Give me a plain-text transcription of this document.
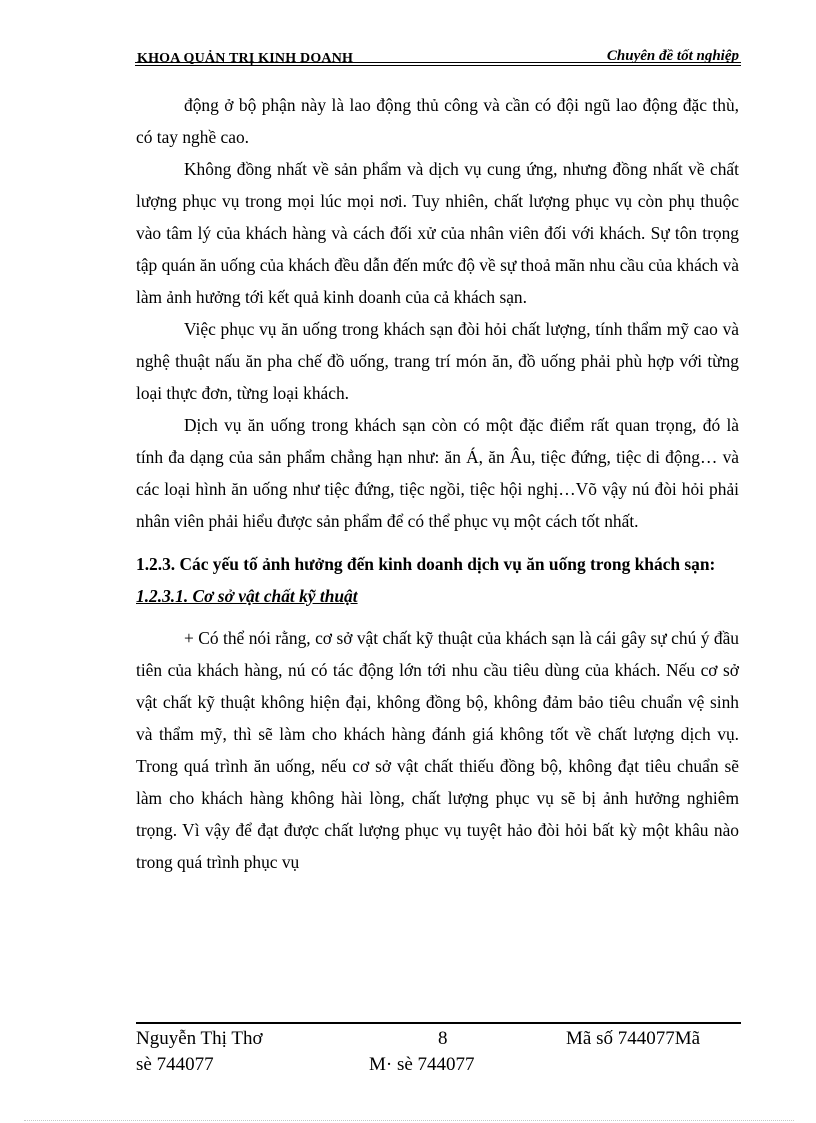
KHOA QUẢN TRỊ KINH DOANH	Chuyên đề tốt nghiệp

động ở bộ phận này là lao động thủ công và cần có đội ngũ lao động đặc thù, có tay nghề cao.

Không đồng nhất về sản phẩm và dịch vụ cung ứng, nhưng đồng nhất về chất lượng phục vụ trong mọi lúc mọi nơi. Tuy nhiên, chất lượng phục vụ còn phụ thuộc vào tâm lý của khách hàng và cách đối xử của nhân viên đối với khách. Sự tôn trọng tập quán ăn uống của khách đều dẫn đến mức độ về sự thoả mãn nhu cầu của khách và làm ảnh hưởng tới kết quả kinh doanh của cả khách sạn.

Việc phục vụ ăn uống trong khách sạn đòi hỏi chất lượng, tính thẩm mỹ cao và nghệ thuật nấu ăn pha chế đồ uống, trang trí món ăn, đồ uống phải phù hợp với từng loại thực đơn, từng loại khách.

Dịch vụ ăn uống trong khách sạn còn có một đặc điểm rất quan trọng, đó là tính đa dạng của sản phẩm chẳng hạn như: ăn Á, ăn Âu, tiệc đứng, tiệc di động… và các loại hình ăn uống như tiệc đứng, tiệc ngồi, tiệc hội nghị…Võ vậy nú đòi hỏi phải nhân viên phải hiểu được sản phẩm để có thể phục vụ một cách tốt nhất.

1.2.3. Các yếu tố ảnh hưởng đến kinh doanh dịch vụ ăn uống trong khách sạn:

1.2.3.1. Cơ sở vật chất kỹ thuật

+ Có thể nói rằng, cơ sở vật chất kỹ thuật của khách sạn là cái gây sự chú ý đầu tiên của khách hàng, nú có tác động lớn tới nhu cầu tiêu dùng của khách. Nếu cơ sở vật chất kỹ thuật không hiện đại, không đồng bộ, không đảm bảo tiêu chuẩn vệ sinh và thẩm mỹ, thì sẽ làm cho khách hàng đánh giá không tốt về chất lượng dịch vụ. Trong quá trình ăn uống, nếu cơ sở vật chất thiếu đồng bộ, không đạt tiêu chuẩn sẽ làm cho khách hàng không hài lòng, chất lượng phục vụ sẽ bị ảnh hưởng nghiêm trọng. Vì vậy để đạt được chất lượng phục vụ tuyệt hảo đòi hỏi bất kỳ một khâu nào trong quá trình phục vụ

Nguyễn Thị Thơ	8	Mã số 744077Mã
sè 744077	M· sè 744077
